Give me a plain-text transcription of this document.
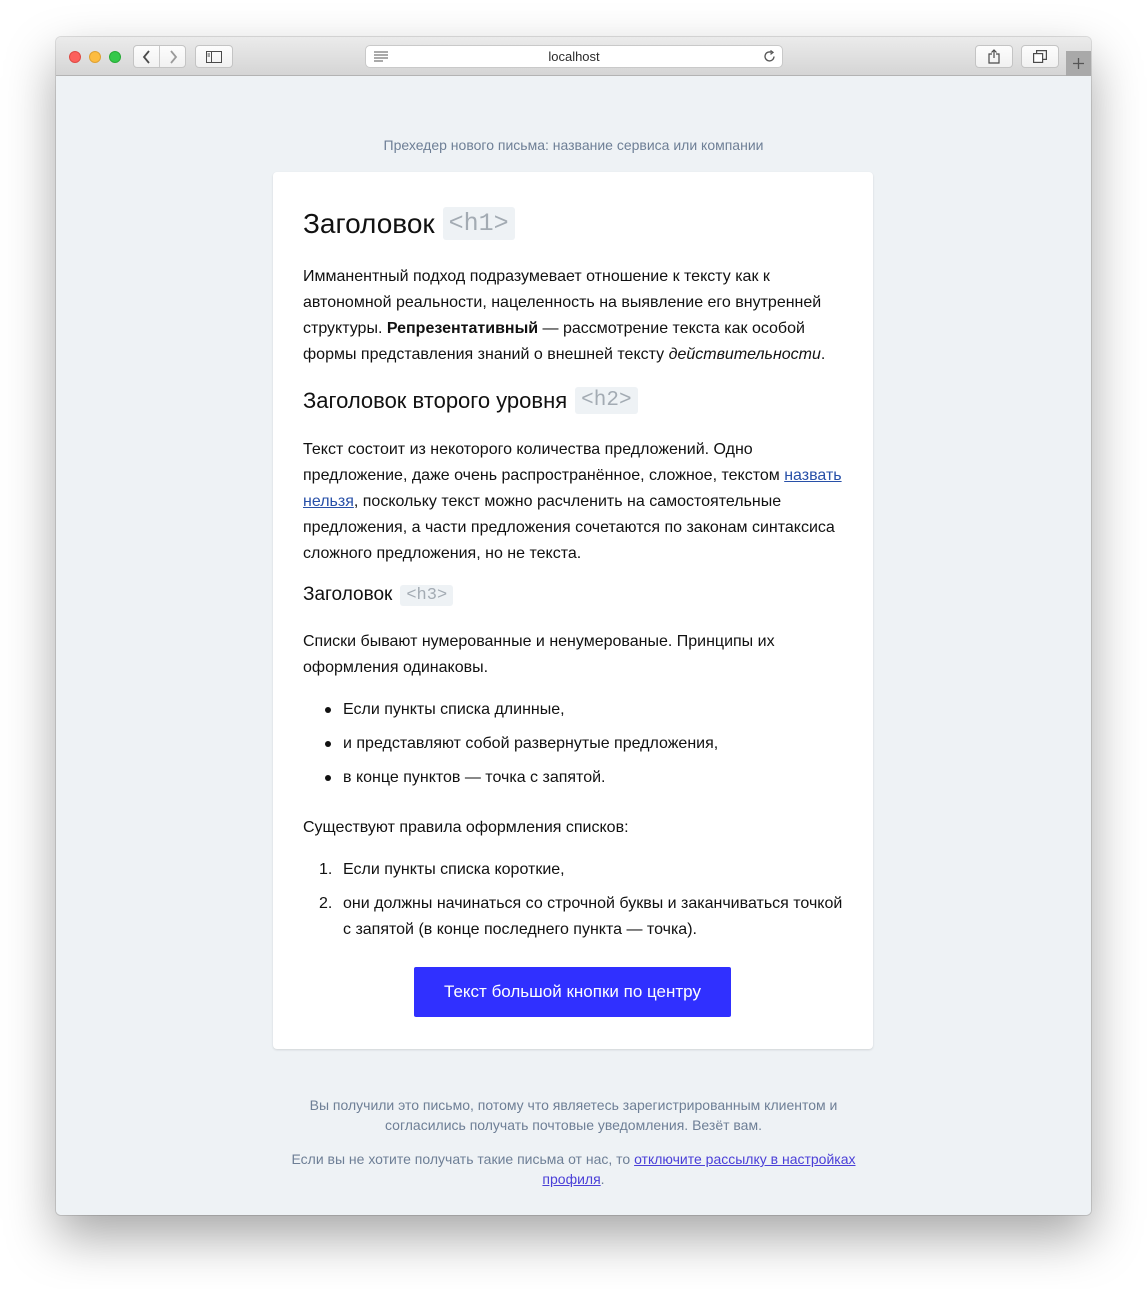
localhost
Прехедер нового письма: название сервиса или компании
Заголовок <h1>
Имманентный подход подразумевает отношение к тексту как к автономной реальности, нацеленность на выявление его внутренней структуры. Репрезентативный — рассмотрение текста как особой формы представления знаний о внешней тексту действительности.
Заголовок второго уровня <h2>
Текст состоит из некоторого количества предложений. Одно предложение, даже очень распространённое, сложное, текстом назвать нельзя, поскольку текст можно расчленить на самостоятельные предложения, а части предложения сочетаются по законам синтаксиса сложного предложения, но не текста.
Заголовок <h3>
Списки бывают нумерованные и ненумерованые. Принципы их оформления одинаковы.
Если пункты списка длинные,
и представляют собой развернутые предложения,
в конце пунктов — точка с запятой.
Существуют правила оформления списков:
1. Если пункты списка короткие,
2. они должны начинаться со строчной буквы и заканчиваться точкой с запятой (в конце последнего пункта — точка).
Текст большой кнопки по центру
Вы получили это письмо, потому что являетесь зарегистрированным клиентом и согласились получать почтовые уведомления. Везёт вам.
Если вы не хотите получать такие письма от нас, то отключите рассылку в настройках профиля.
